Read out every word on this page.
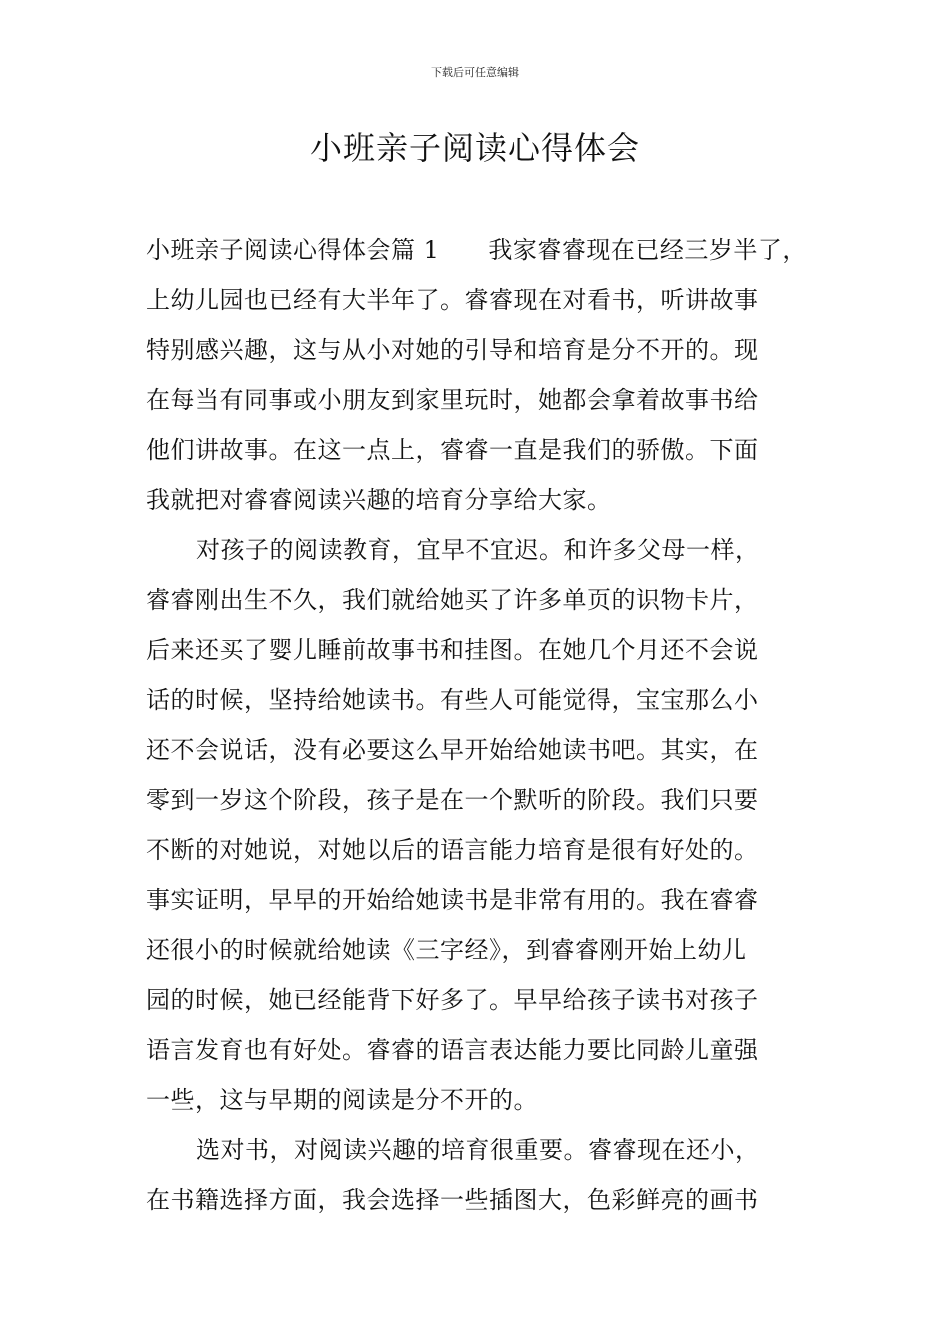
下载后可任意编辑
小班亲子阅读心得体会
小班亲子阅读心得体会篇 1　　我家睿睿现在已经三岁半了，
上幼儿园也已经有大半年了。睿睿现在对看书，听讲故事
特别感兴趣，这与从小对她的引导和培育是分不开的。现
在每当有同事或小朋友到家里玩时，她都会拿着故事书给
他们讲故事。在这一点上，睿睿一直是我们的骄傲。下面
我就把对睿睿阅读兴趣的培育分享给大家。
对孩子的阅读教育，宜早不宜迟。和许多父母一样，
睿睿刚出生不久，我们就给她买了许多单页的识物卡片，
后来还买了婴儿睡前故事书和挂图。在她几个月还不会说
话的时候，坚持给她读书。有些人可能觉得，宝宝那么小
还不会说话，没有必要这么早开始给她读书吧。其实，在
零到一岁这个阶段，孩子是在一个默听的阶段。我们只要
不断的对她说，对她以后的语言能力培育是很有好处的。
事实证明，早早的开始给她读书是非常有用的。我在睿睿
还很小的时候就给她读《三字经》，到睿睿刚开始上幼儿
园的时候，她已经能背下好多了。早早给孩子读书对孩子
语言发育也有好处。睿睿的语言表达能力要比同龄儿童强
一些，这与早期的阅读是分不开的。
选对书，对阅读兴趣的培育很重要。睿睿现在还小，
在书籍选择方面，我会选择一些插图大，色彩鲜亮的画书
